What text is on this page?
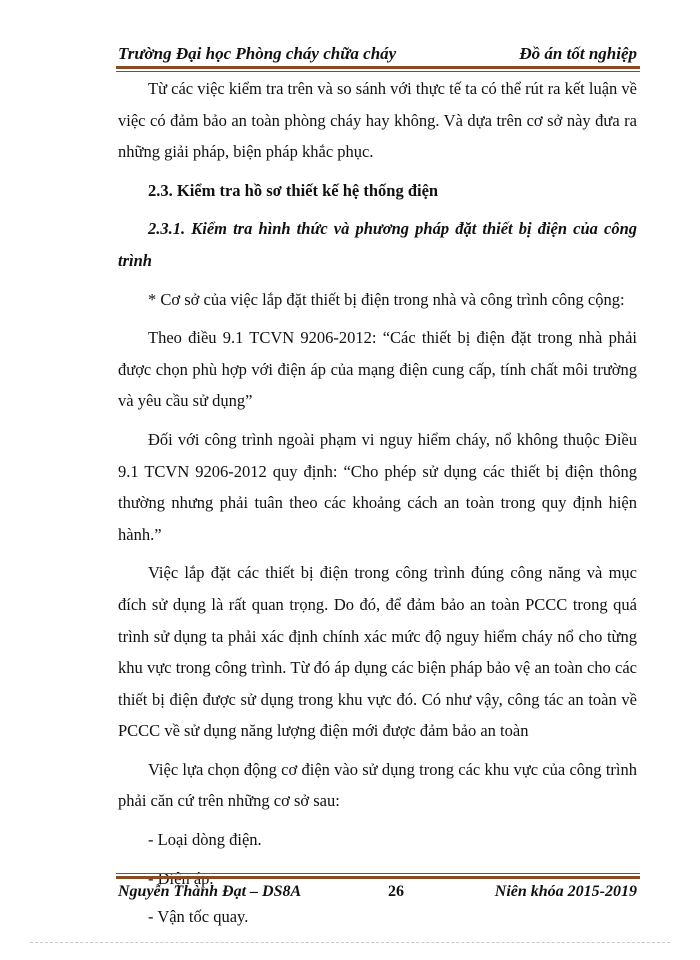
Trường Đại học Phòng cháy chữa cháy	Đồ án tốt nghiệp

Từ các việc kiểm tra trên và so sánh với thực tế ta có thể rút ra kết luận về việc có đảm bảo an toàn phòng cháy hay không. Và dựa trên cơ sở này đưa ra những giải pháp, biện pháp khắc phục.

2.3. Kiểm tra hồ sơ thiết kế hệ thống điện

2.3.1. Kiểm tra hình thức và phương pháp đặt thiết bị điện của công trình

* Cơ sở của việc lắp đặt thiết bị điện trong nhà và công trình công cộng:

Theo điều 9.1 TCVN 9206-2012: “Các thiết bị điện đặt trong nhà phải được chọn phù hợp với điện áp của mạng điện cung cấp, tính chất môi trường và yêu cầu sử dụng”

Đối với công trình ngoài phạm vi nguy hiểm cháy, nổ không thuộc Điều 9.1 TCVN 9206-2012 quy định: “Cho phép sử dụng các thiết bị điện thông thường nhưng phải tuân theo các khoảng cách an toàn trong quy định hiện hành.”

Việc lắp đặt các thiết bị điện trong công trình đúng công năng và mục đích sử dụng là rất quan trọng. Do đó, để đảm bảo an toàn PCCC trong quá trình sử dụng ta phải xác định chính xác mức độ nguy hiểm cháy nổ cho từng khu vực trong công trình. Từ đó áp dụng các biện pháp bảo vệ an toàn cho các thiết bị điện được sử dụng trong khu vực đó. Có như vậy, công tác an toàn về PCCC về sử dụng năng lượng điện mới được đảm bảo an toàn

Việc lựa chọn động cơ điện vào sử dụng trong các khu vực của công trình phải căn cứ trên những cơ sở sau:

- Loại dòng điện.

- Vận tốc quay.

Nguyễn Thành Đạt – DS8A	26	Niên khóa 2015-2019
